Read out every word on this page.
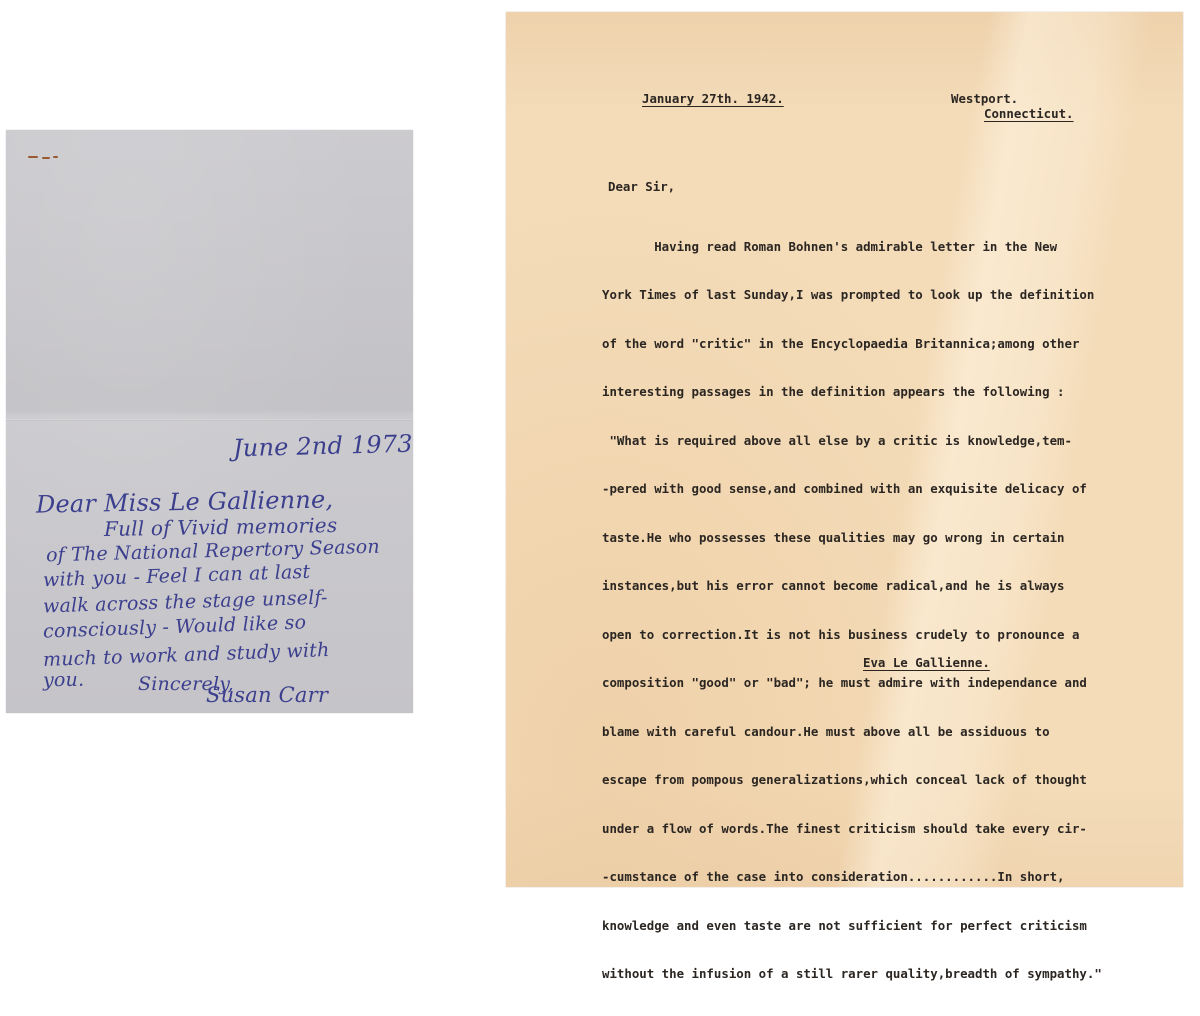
June 2nd 1973

Dear Miss Le Gallienne,

Full of Vivid memories

of The National Repertory Season

with you - Feel I can at last

walk across the stage unself-

consciously - Would like so

much to work and study with

you.	Sincerely,

Susan Carr

January 27th. 1942.	Westport.

Connecticut.

Dear Sir,

Having read Roman Bohnen's admirable letter in the New

York Times of last Sunday,I was prompted to look up the definition

of the word "critic" in the Encyclopaedia Britannica;among other

interesting passages in the definition appears the following :

"What is required above all else by a critic is knowledge,tem-

-pered with good sense,and combined with an exquisite delicacy of

taste.He who possesses these qualities may go wrong in certain

instances,but his error cannot become radical,and he is always

open to correction.It is not his business crudely to pronounce a

composition "good" or "bad"; he must admire with independance and

blame with careful candour.He must above all be assiduous to

escape from pompous generalizations,which conceal lack of thought

under a flow of words.The finest criticism should take every cir-

-cumstance of the case into consideration............In short,

knowledge and even taste are not sufficient for perfect criticism

without the infusion of a still rarer quality,breadth of sympathy."

Eva Le Gallienne.
